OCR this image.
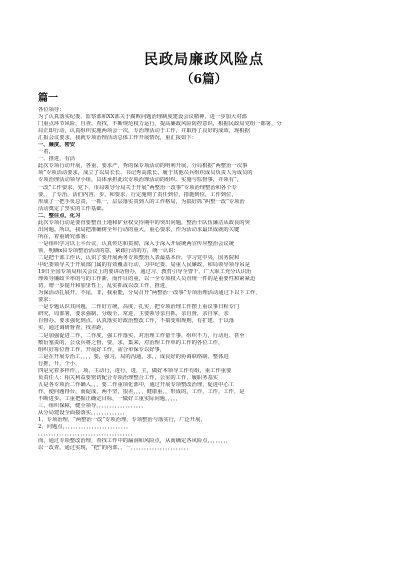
民政局廉政风险点
（6篇）
篇一
各位领导：
为了认真落实纪委、监察部和XX部关于腐败问题治理制度建设会议精神，进一步加大对部
门重点环节风险，自查、查找，不断规范权力运行，提高廉政风险防控意识，根据民政局党组一都署，分
局正即行动，认真组织实施两项会一次，专治理活动于工作，并取得了良好的成效，现根据
汇报会议要求，我就专项治理活动总体工作开展情况，重汇报如下：
一、廉度，密安
一着，
一、推进，有活
此次专项行动开展，各重，要求严，秀的保专项活动的明利开展，分局根据“两整治一次事
项”专项活动要求，成立了以局长长、书记秀高派长、履于其他员兵组织成员负责人为成员的
专项治理活动领导小组，具体承担此次专项治理活动的组织、实施与监督事，并领有“，
一改”工作要求，党下、市局领导分局关于开展“两整治一改事”专项治理整治和各个专
要，，了专治，活们内容、步，和要求，行定施则了责任到位，措施到位，工作到位，
形成了一把手负总责，一抓一，层层落实责到人的工作格局，为搞好抓“纠整一改”专项治
活动奠定了坚实的工作基础。
二、整住点，化习
此次专项行动是要直要整直土地和矿业权交待期中的突出问题，整治干队伍廉洁从政良的突
出问题。所以，我局把准确树全年行动的重大，重心要求，作为活动求最出成就的关键
所在，着重研究部署：
一是组织学习以上平台议，认真传达和贯彻，深入于深入开展统两宣传应整治会议统
领，明确x县专项整治活动的意，紧跟行动的方，统一认识：
二是把干部工作认，认识了要开展两务专项整治人表最基本价，学习党中央，国务院和
中纪委领导关于开展部门属的有效覆盖行动，习中纪委、局重人民廉政，和局领导领导吊是
19日全国专项局相关会议上的要讲话督办，通过习、教育引导全警干、广大职工充分认识治
理领导廉政卡率的与的工作新，而作目的重，以一全专项权人员直规一件的是重要性和紧紧迫
切，增一步提升和加里性上，乱实抓成以改工作，推进，
为保活动扎展开，不尾，非，我重能，分局召开“两整治一改事”专项治理活动通过下以下工作，
要求：
一是专题认识其问题，二作好方统，高度，扎实，把专项治理工作摆上重议事日程专门
研究，周部署，要求强制、分级全、常进，主要领导亲自抓，亲自督，亲自掌，亲
自督办。要求强化到点，认真落实好政治整改工作，不搞变相规则，有扩建、于以落
实，通过调研督查，找差距，
二是加强促进二作，二作度，强工作落实，对治理工作量干事，组织不力，行动迟、甚至
敷衍塞责的，公众兵将之督，要，求，集来，对治理工作单的工作的各位工作，
组织好每位督工作，开展好工作，需合单保专以好事，
三是在开展专治工，，，，要，强习，局的沟通，求，，成良好的协调联络制，整体进
行推，升，个小，
四是完着多样作，，项，主动行，进行，进，主，做好本领导工作有组，重工作重要
负责任人：相关利益要密切配合专项治理整合工作，公室的工作，履职务基实
五是各专项治二作确入，，，要二作重项化部中，通过开展专项整改治理，促进中心工
作，使问题得台，而促成，两不坚，很差，，，，健康重，，形成的，工作，工作，工作，是
不断进步。工重把握正确定目标，一做好工重实际问题，，，，，
三、组织保障，健全领导，，，，，，，，，，，，，，，，，，
从分局建设全面接落实，，，，，，，，，，，，，
1、专项治理，“两整治一改”专项治理，专项整治与落实行，广泛开展，
2、问题点，、，，，，，，，，，，，，，，，，，，，，，，，
，，，，，，，，，，，，，，，，，，，，，，，，，，，，，，，，，，，，
而，通过专项整改治理，查找工作中的漏洞和风险点，从而确定各风险点，，，，，，，，
以一改查，通过实现，“把”的内部，，一，，，，，，，，，，，，，，，，，，，，，，
